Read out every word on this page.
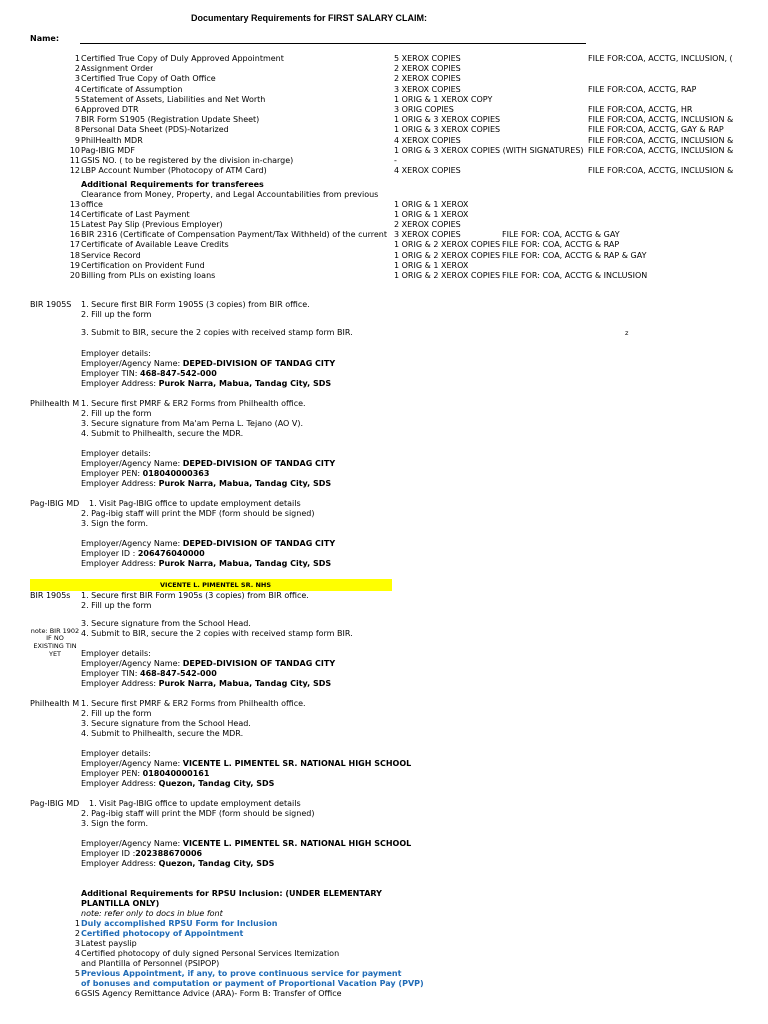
Documentary Requirements for FIRST SALARY CLAIM:
Name:
1 Certified True Copy of Duly Approved Appointment	5 XEROX COPIES	FILE FOR:COA, ACCTG, INCLUSION, (
2 Assignment Order	2 XEROX COPIES
3 Certified True Copy of Oath Office	2 XEROX COPIES
4 Certificate of Assumption	3 XEROX COPIES	FILE FOR:COA, ACCTG, RAP
5 Statement of Assets, Liabilities and Net Worth	1 ORIG & 1 XEROX COPY
6 Approved DTR	3 ORIG COPIES	FILE FOR:COA, ACCTG, HR
7 BIR Form S1905 (Registration Update Sheet)	1 ORIG & 3 XEROX COPIES	FILE FOR:COA, ACCTG, INCLUSION &
8 Personal Data Sheet (PDS)-Notarized	1 ORIG & 3 XEROX COPIES	FILE FOR:COA, ACCTG, GAY & RAP
9 PhilHealth MDR	4 XEROX COPIES	FILE FOR:COA, ACCTG, INCLUSION &
10 Pag-IBIG MDF	1 ORIG & 3 XEROX COPIES (WITH SIGNATURES) FILE FOR:COA, ACCTG, INCLUSION &
11 GSIS NO. ( to be registered by the division in-charge)	-
12 LBP Account Number (Photocopy of ATM Card)	4 XEROX COPIES	FILE FOR:COA, ACCTG, INCLUSION &
Additional Requirements for transferees
Clearance from Money, Property, and Legal Accountabilities from previous
13 office	1 ORIG & 1 XEROX
14 Certificate of Last Payment	1 ORIG & 1 XEROX
15 Latest Pay Slip (Previous Employer)	2 XEROX COPIES
16 BIR 2316 (Certificate of Compensation Payment/Tax Withheld) of the current 3 XEROX COPIES	FILE FOR: COA, ACCTG & GAY
17 Certificate of Available Leave Credits	1 ORIG & 2 XEROX COPIES FILE FOR: COA, ACCTG & RAP
18 Service Record	1 ORIG & 2 XEROX COPIES FILE FOR: COA, ACCTG & RAP & GAY
19 Certification on Provident Fund	1 ORIG & 1 XEROX
20 Billing from PLIs on existing loans	1 ORIG & 2 XEROX COPIES FILE FOR: COA, ACCTG & INCLUSION
BIR 1905S 1. Secure first BIR Form 1905S (3 copies) from BIR office.
2. Fill up the form
3. Submit to BIR, secure the 2 copies with received stamp form BIR.	z
Employer details:
Employer/Agency Name: DEPED-DIVISION OF TANDAG CITY
Employer TIN: 468-847-542-000
Employer Address: Purok Narra, Mabua, Tandag City, SDS
Philhealth M 1. Secure first PMRF & ER2 Forms from Philhealth office.
2. Fill up the form
3. Secure signature from Ma'am Perna L. Tejano (AO V).
4. Submit to Philhealth, secure the MDR.
Employer details:
Employer/Agency Name: DEPED-DIVISION OF TANDAG CITY
Employer PEN: 018040000363
Employer Address: Purok Narra, Mabua, Tandag City, SDS
Pag-IBIG MD 1. Visit Pag-IBIG office to update employment details
2. Pag-ibig staff will print the MDF (form should be signed)
3. Sign the form.
Employer/Agency Name: DEPED-DIVISION OF TANDAG CITY
Employer ID : 206476040000
Employer Address: Purok Narra, Mabua, Tandag City, SDS
VICENTE L. PIMENTEL SR. NHS
BIR 1905s 1. Secure first BIR Form 1905s (3 copies) from BIR office.
2. Fill up the form
3. Secure signature from the School Head.
4. Submit to BIR, secure the 2 copies with received stamp form BIR.
note: BIR 1902
IF NO
EXISTING TIN
YET	Employer details:
Employer/Agency Name: DEPED-DIVISION OF TANDAG CITY
Employer TIN: 468-847-542-000
Employer Address: Purok Narra, Mabua, Tandag City, SDS
Philhealth M 1. Secure first PMRF & ER2 Forms from Philhealth office.
2. Fill up the form
3. Secure signature from the School Head.
4. Submit to Philhealth, secure the MDR.
Employer details:
Employer/Agency Name: VICENTE L. PIMENTEL SR. NATIONAL HIGH SCHOOL
Employer PEN: 018040000161
Employer Address: Quezon, Tandag City, SDS
Pag-IBIG MD 1. Visit Pag-IBIG office to update employment details
2. Pag-ibig staff will print the MDF (form should be signed)
3. Sign the form.
Employer/Agency Name: VICENTE L. PIMENTEL SR. NATIONAL HIGH SCHOOL
Employer ID :202388670006
Employer Address: Quezon, Tandag City, SDS
Additional Requirements for RPSU Inclusion: (UNDER ELEMENTARY
PLANTILLA ONLY)
note: refer only to docs in blue font
1 Duly accomplished RPSU Form for Inclusion
2 Certified photocopy of Appointment
3 Latest payslip
4 Certified photocopy of duly signed Personal Services Itemization
and Plantilla of Personnel (PSIPOP)
5 Previous Appointment, if any, to prove continuous service for payment
of bonuses and computation or payment of Proportional Vacation Pay (PVP)
6 GSIS Agency Remittance Advice (ARA)- Form B: Transfer of Office
